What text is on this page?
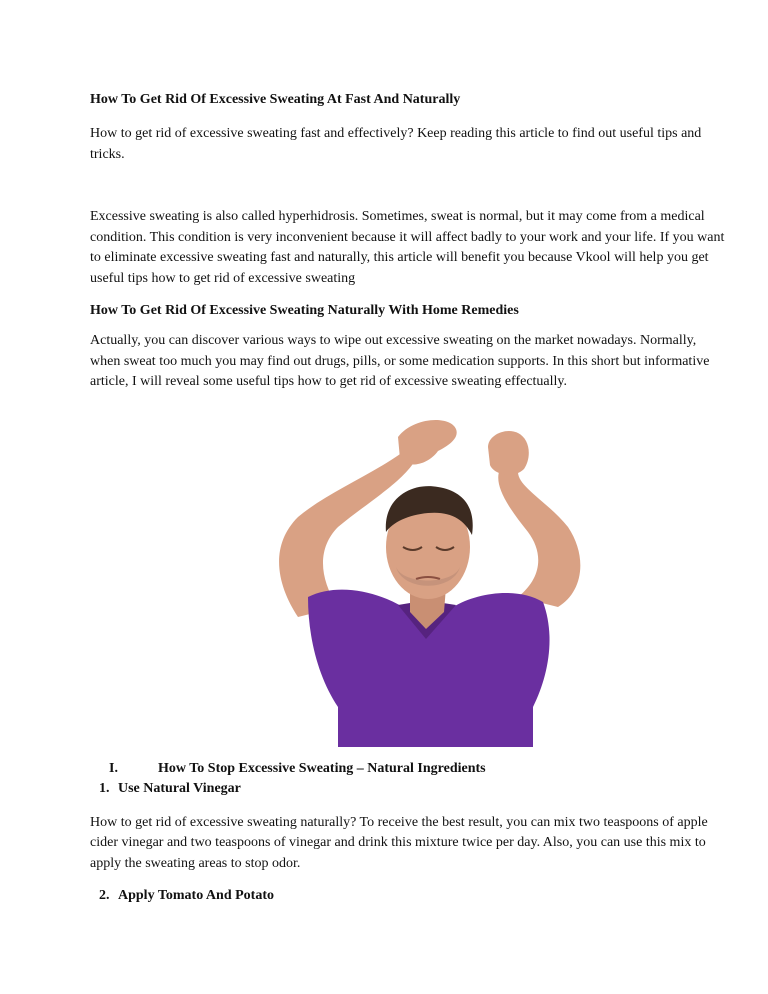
How To Get Rid Of Excessive Sweating At Fast And Naturally

How to get rid of excessive sweating fast and effectively? Keep reading this article to find out useful tips and tricks.

Excessive sweating is also called hyperhidrosis. Sometimes, sweat is normal, but it may come from a medical condition. This condition is very inconvenient because it will affect badly to your work and your life. If you want to eliminate excessive sweating fast and naturally, this article will benefit you because Vkool will help you get useful tips how to get rid of excessive sweating

How To Get Rid Of Excessive Sweating Naturally With Home Remedies

Actually, you can discover various ways to wipe out excessive sweating on the market nowadays. Normally, when sweat too much you may find out drugs, pills, or some medication supports. In this short but informative article, I will reveal some useful tips how to get rid of excessive sweating effectually.

I.	How To Stop Excessive Sweating – Natural Ingredients
1. Use Natural Vinegar

How to get rid of excessive sweating naturally? To receive the best result, you can mix two teaspoons of apple cider vinegar and two teaspoons of vinegar and drink this mixture twice per day. Also, you can use this mix to apply the sweating areas to stop odor.

2. Apply Tomato And Potato
